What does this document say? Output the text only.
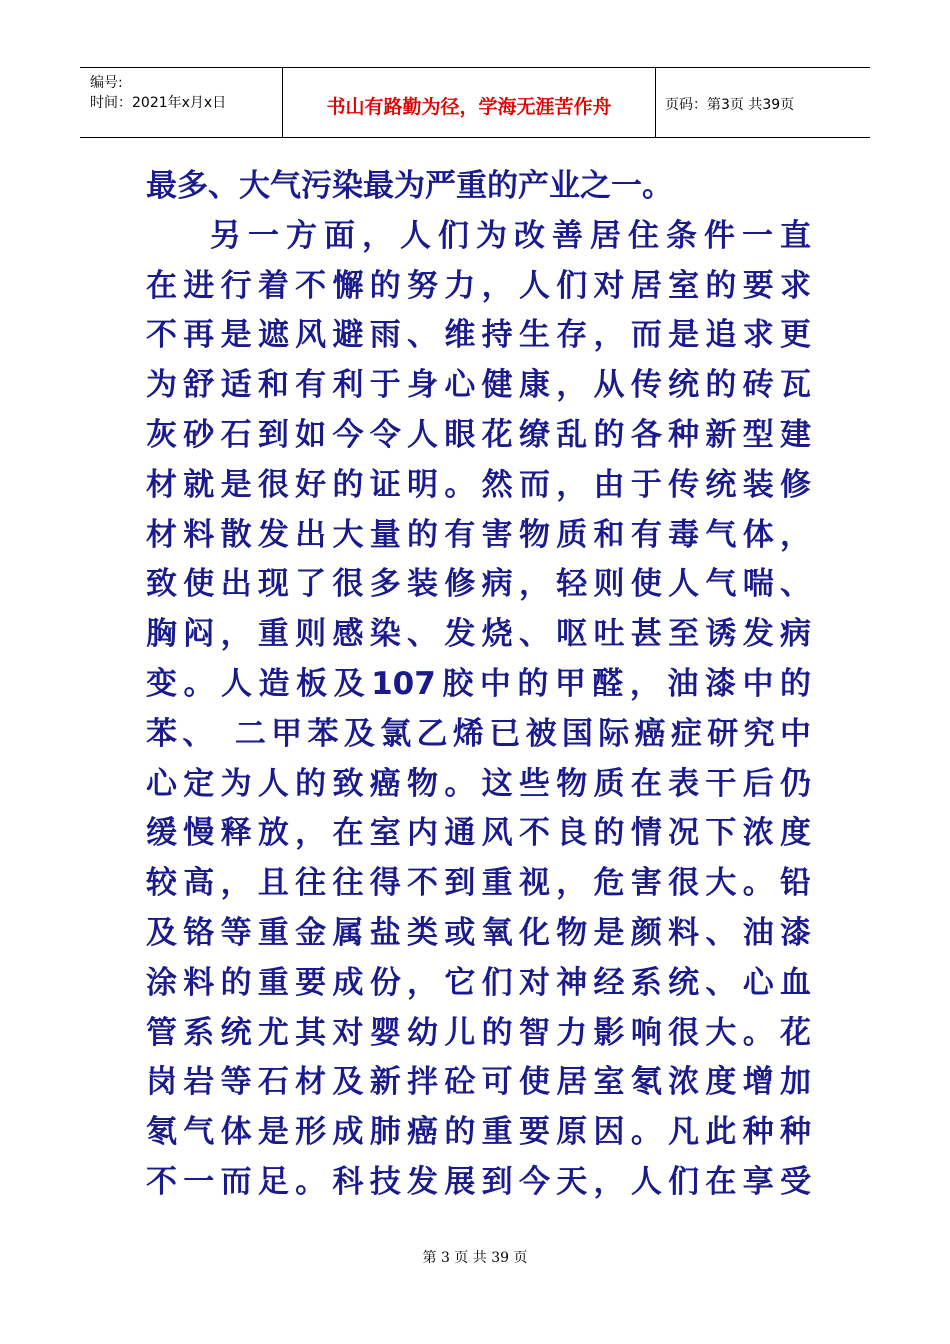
编号:
时间：2021年x月x日	书山有路勤为径，学海无涯苦作舟	页码：第3页 共39页
最多、大气污染最为严重的产业之一。
另一方面，人们为改善居住条件一直
在进行着不懈的努力，人们对居室的要求
不再是遮风避雨、维持生存，而是追求更
为舒适和有利于身心健康，从传统的砖瓦
灰砂石到如今令人眼花缭乱的各种新型建
材就是很好的证明。然而，由于传统装修
材料散发出大量的有害物质和有毒气体，
致使出现了很多装修病，轻则使人气喘、
胸闷，重则感染、发烧、呕吐甚至诱发病
变。人造板及107胶中的甲醛，油漆中的
苯、 二甲苯及氯乙烯已被国际癌症研究中
心定为人的致癌物。这些物质在表干后仍
缓慢释放，在室内通风不良的情况下浓度
较高，且往往得不到重视，危害很大。铅
及铬等重金属盐类或氧化物是颜料、油漆
涂料的重要成份，它们对神经系统、心血
管系统尤其对婴幼儿的智力影响很大。花
岗岩等石材及新拌砼可使居室氡浓度增加
氡气体是形成肺癌的重要原因。凡此种种
不一而足。科技发展到今天，人们在享受
第 3 页 共 39 页
